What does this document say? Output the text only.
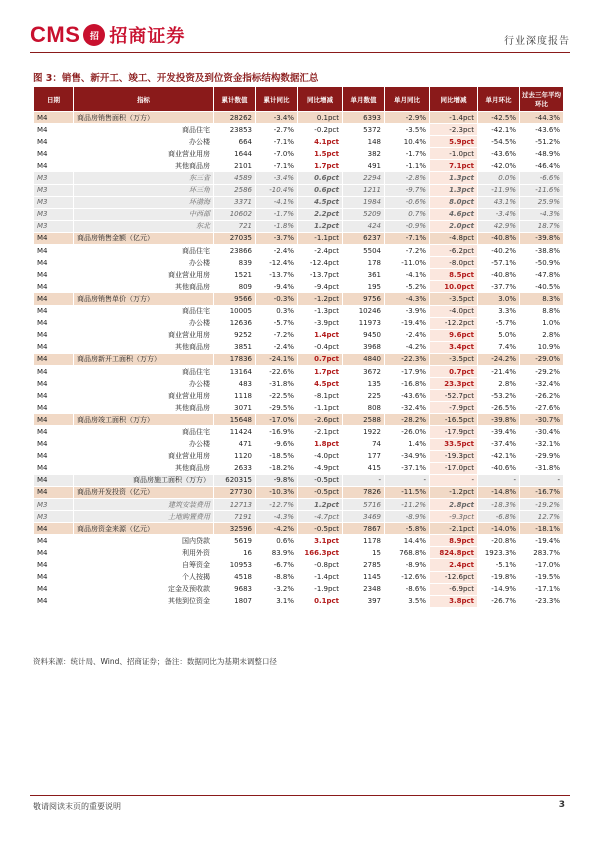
CMS	招 招商证券	行业深度报告
图 3：销售、新开工、竣工、开发投资及到位资金指标结构数据汇总
日期	指标	累计数值	累计同比	同比增减	单月数值	单月同比	同比增减	单月环比	过去三年平均环比
M4	商品房销售面积（万方）	28262	-3.4%	0.1pct	6393	-2.9%	-1.4pct	-42.5%	-44.3%
M4	商品住宅	23853	-2.7%	-0.2pct	5372	-3.5%	-2.3pct	-42.1%	-43.6%
M4	办公楼	664	-7.1%	4.1pct	148	10.4%	5.9pct	-54.5%	-51.2%
M4	商业营业用房	1644	-7.0%	1.5pct	382	-1.7%	-1.0pct	-43.6%	-48.9%
M4	其他商品房	2101	-7.1%	1.7pct	491	-1.1%	7.1pct	-42.0%	-46.4%
M3	东三省	4589	-3.4%	0.6pct	2294	-2.8%	1.3pct	0.0%	-6.6%
M3	环三角	2586	-10.4%	0.6pct	1211	-9.7%	1.3pct	-11.9%	-11.6%
M3	环渤海	3371	-4.1%	4.5pct	1984	-0.6%	8.0pct	43.1%	25.9%
M3	中西部	10602	-1.7%	2.2pct	5209	0.7%	4.6pct	-3.4%	-4.3%
M3	东北	721	-1.8%	1.2pct	424	-0.9%	2.0pct	42.9%	18.7%
M4	商品房销售金额（亿元）	27035	-3.7%	-1.1pct	6237	-7.1%	-4.8pct	-40.8%	-39.8%
M4	商品住宅	23866	-2.4%	-2.4pct	5504	-7.2%	-6.2pct	-40.2%	-38.8%
M4	办公楼	839	-12.4%	-12.4pct	178	-11.0%	-8.0pct	-57.1%	-50.9%
M4	商业营业用房	1521	-13.7%	-13.7pct	361	-4.1%	8.5pct	-40.8%	-47.8%
M4	其他商品房	809	-9.4%	-9.4pct	195	-5.2%	10.0pct	-37.7%	-40.5%
M4	商品房销售单价（万方）	9566	-0.3%	-1.2pct	9756	-4.3%	-3.5pct	3.0%	8.3%
M4	商品住宅	10005	0.3%	-1.3pct	10246	-3.9%	-4.0pct	3.3%	8.8%
M4	办公楼	12636	-5.7%	-3.9pct	11973	-19.4%	-12.2pct	-5.7%	1.0%
M4	商业营业用房	9252	-7.2%	1.4pct	9450	-2.4%	9.6pct	5.0%	2.8%
M4	其他商品房	3851	-2.4%	-0.4pct	3968	-4.2%	3.4pct	7.4%	10.9%
M4	商品房新开工面积（万方）	17836	-24.1%	0.7pct	4840	-22.3%	-3.5pct	-24.2%	-29.0%
M4	商品住宅	13164	-22.6%	1.7pct	3672	-17.9%	0.7pct	-21.4%	-29.2%
M4	办公楼	483	-31.8%	4.5pct	135	-16.8%	23.3pct	2.8%	-32.4%
M4	商业营业用房	1118	-22.5%	-8.1pct	225	-43.6%	-52.7pct	-53.2%	-26.2%
M4	其他商品房	3071	-29.5%	-1.1pct	808	-32.4%	-7.9pct	-26.5%	-27.6%
M4	商品房竣工面积（万方）	15648	-17.0%	-2.6pct	2588	-28.2%	-16.5pct	-39.8%	-30.7%
M4	商品住宅	11424	-16.9%	-2.1pct	1922	-26.0%	-17.9pct	-39.4%	-30.4%
M4	办公楼	471	-9.6%	1.8pct	74	1.4%	33.5pct	-37.4%	-32.1%
M4	商业营业用房	1120	-18.5%	-4.0pct	177	-34.9%	-19.3pct	-42.1%	-29.9%
M4	其他商品房	2633	-18.2%	-4.9pct	415	-37.1%	-17.0pct	-40.6%	-31.8%
M4	商品房施工面积（万方）	620315	-9.8%	-0.5pct	-	-	-	-	-
M4	商品房开发投资（亿元）	27730	-10.3%	-0.5pct	7826	-11.5%	-1.2pct	-14.8%	-16.7%
M3	建筑安装费用	12713	-12.7%	1.2pct	5716	-11.2%	2.8pct	-18.3%	-19.2%
M3	土地购置费用	7191	-4.3%	-4.7pct	3469	-8.9%	-9.3pct	-6.8%	12.7%
M4	商品房资金来源（亿元）	32596	-4.2%	-0.5pct	7867	-5.8%	-2.1pct	-14.0%	-18.1%
M4	国内贷款	5619	0.6%	3.1pct	1178	14.4%	8.9pct	-20.8%	-19.4%
M4	利用外资	16	83.9%	166.3pct	15	768.8%	824.8pct	1923.3%	283.7%
M4	自筹资金	10953	-6.7%	-0.8pct	2785	-8.9%	2.4pct	-5.1%	-17.0%
M4	个人按揭	4518	-8.8%	-1.4pct	1145	-12.6%	-12.6pct	-19.8%	-19.5%
M4	定金及预收款	9683	-3.2%	-1.9pct	2348	-8.6%	-6.9pct	-14.9%	-17.1%
M4	其他到位资金	1807	3.1%	0.1pct	397	3.5%	3.8pct	-26.7%	-23.3%
资料来源：统计局、Wind、招商证券；备注：数据同比为基期未调整口径
敬请阅读末页的重要说明	3
